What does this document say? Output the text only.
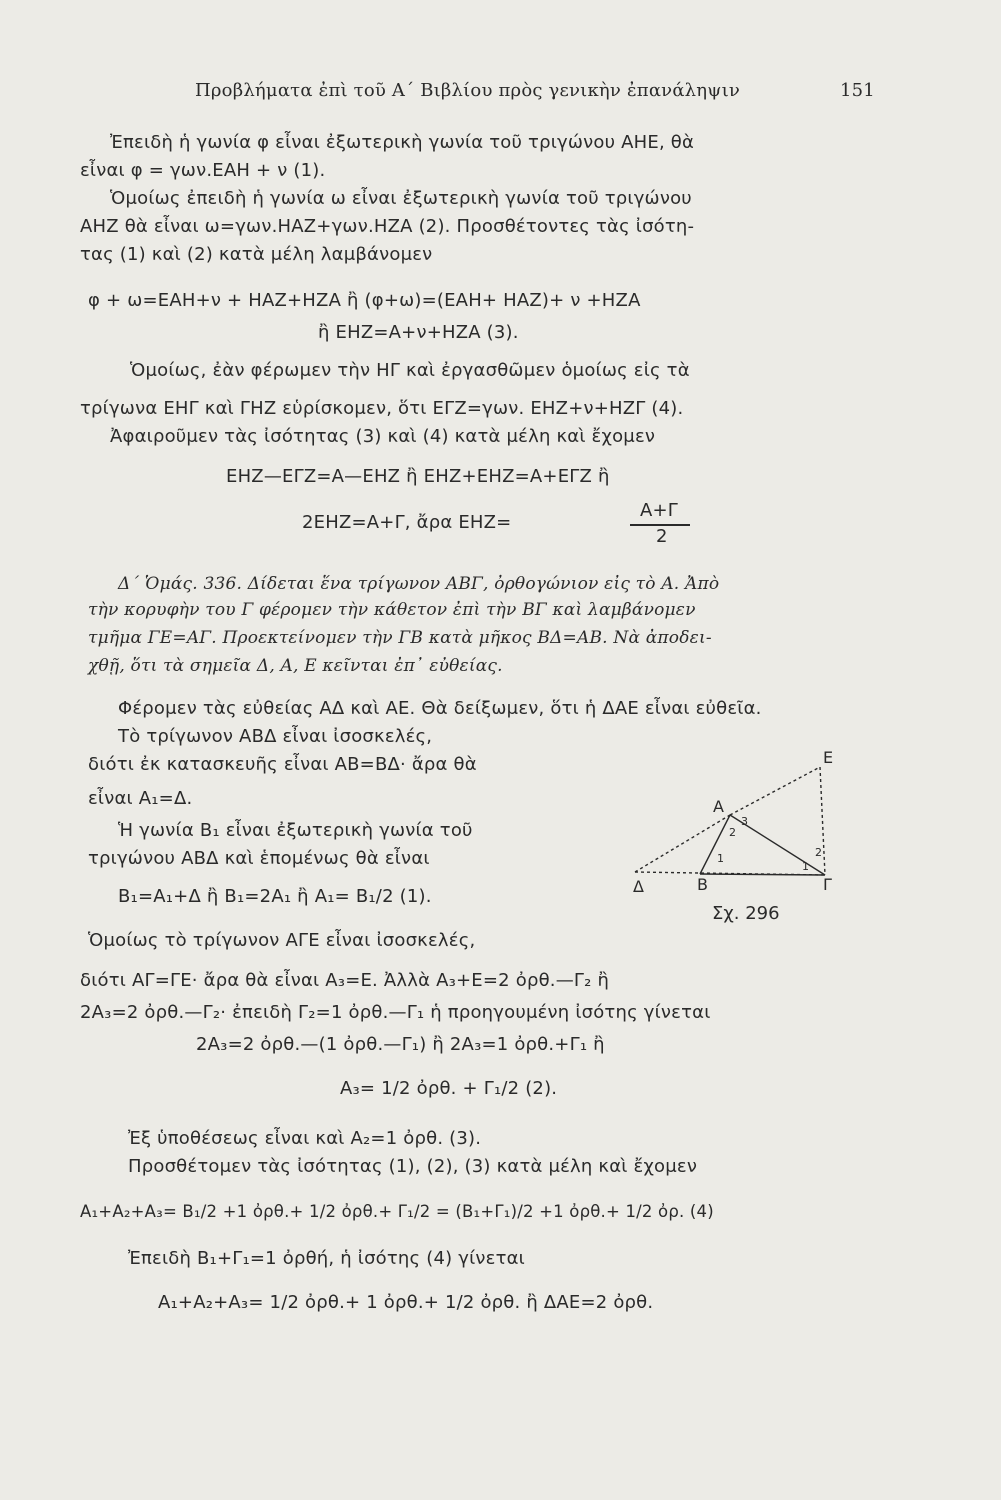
Προβλήματα ἐπὶ τοῦ Α΄ Βιβλίου πρὸς γενικὴν ἐπανάληψιν	151
Ἐπειδὴ ἡ γωνία φ εἶναι ἐξωτερικὴ γωνία τοῦ τριγώνου ΑΗΕ, θὰ
εἶναι φ = γων.ΕΑΗ + ν (1).
Ὁμοίως ἐπειδὴ ἡ γωνία ω εἶναι ἐξωτερικὴ γωνία τοῦ τριγώνου
ΑΗΖ θὰ εἶναι ω=γων.ΗΑΖ+γων.ΗΖΑ (2). Προσθέτοντες τὰς ἰσότη-
τας (1) καὶ (2) κατὰ μέλη λαμβάνομεν
φ + ω=ΕΑΗ+ν + ΗΑΖ+ΗΖΑ ἢ (φ+ω)=(ΕΑΗ+ ΗΑΖ)+ ν +ΗΖΑ
ἢ ΕΗΖ=Α+ν+ΗΖΑ (3).
Ὁμοίως, ἐὰν φέρωμεν τὴν ΗΓ καὶ ἐργασθῶμεν ὁμοίως εἰς τὰ
τρίγωνα ΕΗΓ καὶ ΓΗΖ εὑρίσκομεν, ὅτι ΕΓΖ=γων. ΕΗΖ+ν+ΗΖΓ (4).
Ἀφαιροῦμεν τὰς ἰσότητας (3) καὶ (4) κατὰ μέλη καὶ ἔχομεν
ΕΗΖ—ΕΓΖ=Α—ΕΗΖ ἢ ΕΗΖ+ΕΗΖ=Α+ΕΓΖ ἢ
2ΕΗΖ=Α+Γ, ἄρα ΕΗΖ=
Α+Γ
2
Δ΄ Ὁμάς. 336. Δίδεται ἕνα τρίγωνον ΑΒΓ, ὀρθογώνιον εἰς τὸ Α. Ἀπὸ
τὴν κορυφὴν του Γ φέρομεν τὴν κάθετον ἐπὶ τὴν ΒΓ καὶ λαμβάνομεν
τμῆμα ΓΕ=ΑΓ. Προεκτείνομεν τὴν ΓΒ κατὰ μῆκος ΒΔ=ΑΒ. Νὰ ἀποδει-
χθῇ, ὅτι τὰ σημεῖα Δ, Α, Ε κεῖνται ἐπ᾿ εὐθείας.
Φέρομεν τὰς εὐθείας ΑΔ καὶ ΑΕ. Θὰ δείξωμεν, ὅτι ἡ ΔΑΕ εἶναι εὐθεῖα.
Τὸ τρίγωνον ΑΒΔ εἶναι ἰσοσκελές,
διότι ἐκ κατασκευῆς εἶναι ΑΒ=ΒΔ· ἄρα θὰ
εἶναι Α₁=Δ.
Ἡ γωνία Β₁ εἶναι ἐξωτερικὴ γωνία τοῦ
τριγώνου ΑΒΔ καὶ ἑπομένως θὰ εἶναι
Β₁=Α₁+Δ ἢ Β₁=2Α₁ ἢ Α₁= Β₁/2 (1).
Ὁμοίως τὸ τρίγωνον ΑΓΕ εἶναι ἰσοσκελές,
διότι ΑΓ=ΓΕ· ἄρα θὰ εἶναι Α₃=Ε. Ἀλλὰ Α₃+Ε=2 ὀρθ.—Γ₂ ἢ
2Α₃=2 ὀρθ.—Γ₂· ἐπειδὴ Γ₂=1 ὀρθ.—Γ₁ ἡ προηγουμένη ἰσότης γίνεται
2Α₃=2 ὀρθ.—(1 ὀρθ.—Γ₁) ἢ 2Α₃=1 ὀρθ.+Γ₁ ἢ
Α₃= 1/2 ὀρθ. + Γ₁/2 (2).
Ἐξ ὑποθέσεως εἶναι καὶ Α₂=1 ὀρθ. (3).
Προσθέτομεν τὰς ἰσότητας (1), (2), (3) κατὰ μέλη καὶ ἔχομεν
Α₁+Α₂+Α₃= Β₁/2 +1 ὀρθ.+ 1/2 ὀρθ.+ Γ₁/2 = (Β₁+Γ₁)/2 +1 ὀρθ.+ 1/2 ὀρ. (4)
Ἐπειδὴ Β₁+Γ₁=1 ὀρθή, ἡ ἰσότης (4) γίνεται
Α₁+Α₂+Α₃= 1/2 ὀρθ.+ 1 ὀρθ.+ 1/2 ὀρθ. ἢ ΔΑΕ=2 ὀρθ.
Ε
Α
3
2
1
1
2
Δ	Β	Γ
Σχ. 296
